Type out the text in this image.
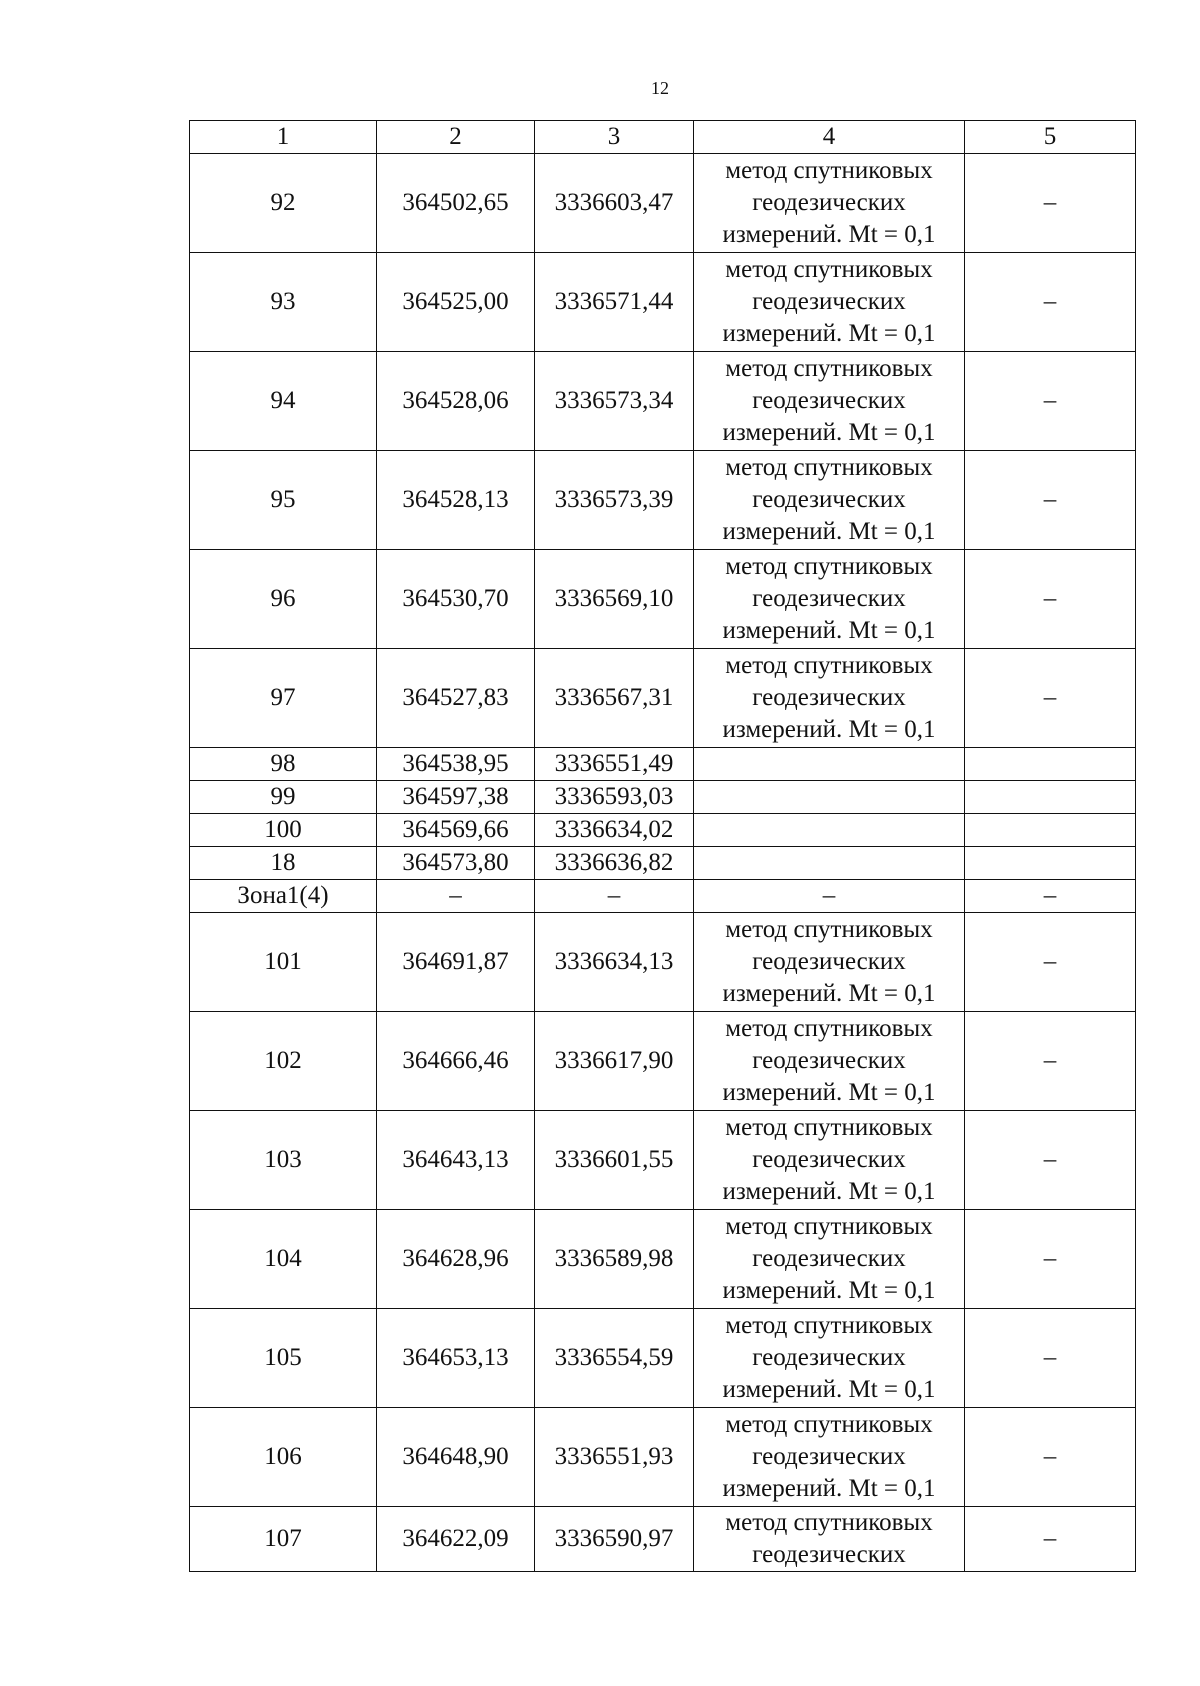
12
1	2	3	4	5
92	364502,65	3336603,47	метод спутниковых
геодезических
измерений. Mt = 0,1	–
93	364525,00	3336571,44	метод спутниковых
геодезических
измерений. Mt = 0,1	–
94	364528,06	3336573,34	метод спутниковых
геодезических
измерений. Mt = 0,1	–
95	364528,13	3336573,39	метод спутниковых
геодезических
измерений. Mt = 0,1	–
96	364530,70	3336569,10	метод спутниковых
геодезических
измерений. Mt = 0,1	–
97	364527,83	3336567,31	метод спутниковых
геодезических
измерений. Mt = 0,1	–
98	364538,95	3336551,49		
99	364597,38	3336593,03		
100	364569,66	3336634,02		
18	364573,80	3336636,82		
Зона1(4)	–	–	–	–
101	364691,87	3336634,13	метод спутниковых
геодезических
измерений. Mt = 0,1	–
102	364666,46	3336617,90	метод спутниковых
геодезических
измерений. Mt = 0,1	–
103	364643,13	3336601,55	метод спутниковых
геодезических
измерений. Mt = 0,1	–
104	364628,96	3336589,98	метод спутниковых
геодезических
измерений. Mt = 0,1	–
105	364653,13	3336554,59	метод спутниковых
геодезических
измерений. Mt = 0,1	–
106	364648,90	3336551,93	метод спутниковых
геодезических
измерений. Mt = 0,1	–
107	364622,09	3336590,97	метод спутниковых
геодезических	–
